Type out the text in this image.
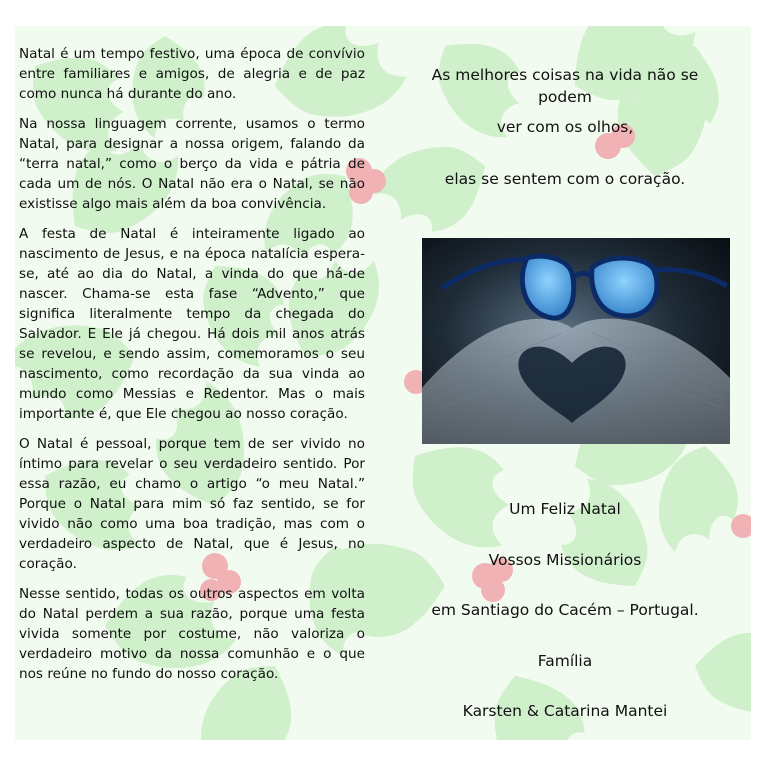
Natal é um tempo festivo, uma época de convívio entre familiares e amigos, de alegria e de paz como nunca há durante do ano.

Na nossa linguagem corrente, usamos o termo Natal, para designar a nossa origem, falando da “terra natal,” como o berço da vida e pátria de cada um de nós. O Natal não era o Natal, se não existisse algo mais além da boa convivência.

A festa de Natal é inteiramente ligado ao nascimento de Jesus, e na época natalícia espera-se, até ao dia do Natal, a vinda do que há-de nascer. Chama-se esta fase “Advento,” que significa literalmente tempo da chegada do Salvador. E Ele já chegou. Há dois mil anos atrás se revelou, e sendo assim, comemoramos o seu nascimento, como recordação da sua vinda ao mundo como Messias e Redentor. Mas o mais importante é, que Ele chegou ao nosso coração.

O Natal é pessoal, porque tem de ser vivido no íntimo para revelar o seu verdadeiro sentido. Por essa razão, eu chamo o artigo “o meu Natal.” Porque o Natal para mim só faz sentido, se for vivido não como uma boa tradição, mas com o verdadeiro aspecto de Natal, que é Jesus, no coração.

Nesse sentido, todas os outros aspectos em volta do Natal perdem a sua razão, porque uma festa vivida somente por costume, não valoriza o verdadeiro motivo da nossa comunhão e o que nos reúne no fundo do nosso coração.

As melhores coisas na vida não se podem
ver com os olhos,
elas se sentem com o coração.
Um Feliz Natal
Vossos Missionários
em Santiago do Cacém – Portugal.
Família
Karsten & Catarina Mantei
